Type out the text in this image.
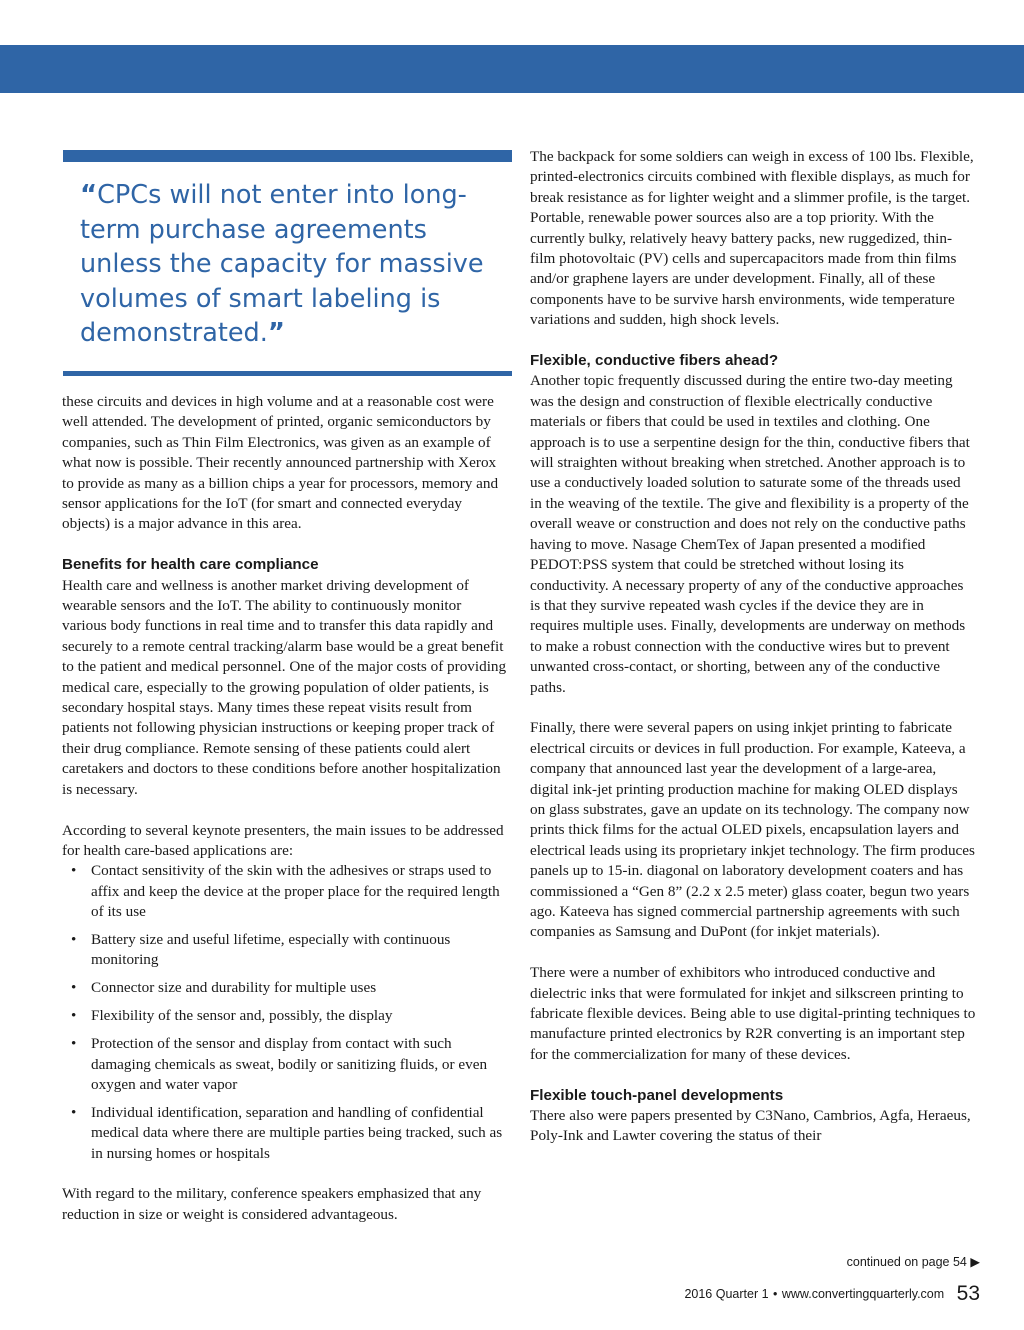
“CPCs will not enter into long-term purchase agreements unless the capacity for massive volumes of smart labeling is demonstrated.”

these circuits and devices in high volume and at a reasonable cost were well attended. The development of printed, organic semiconductors by companies, such as Thin Film Electronics, was given as an example of what now is possible. Their recently announced partnership with Xerox to provide as many as a billion chips a year for processors, memory and sensor applications for the IoT (for smart and connected everyday objects) is a major advance in this area.

Benefits for health care compliance

Health care and wellness is another market driving development of wearable sensors and the IoT. The ability to continuously monitor various body functions in real time and to transfer this data rapidly and securely to a remote central tracking/alarm base would be a great benefit to the patient and medical personnel. One of the major costs of providing medical care, especially to the growing population of older patients, is secondary hospital stays. Many times these repeat visits result from patients not following physician instructions or keeping proper track of their drug compliance. Remote sensing of these patients could alert caretakers and doctors to these conditions before another hospitalization is necessary.

According to several keynote presenters, the main issues to be addressed for health care-based applications are:

• Contact sensitivity of the skin with the adhesives or straps used to affix and keep the device at the proper place for the required length of its use
• Battery size and useful lifetime, especially with continuous monitoring
• Connector size and durability for multiple uses
• Flexibility of the sensor and, possibly, the display
• Protection of the sensor and display from contact with such damaging chemicals as sweat, bodily or sanitizing fluids, or even oxygen and water vapor
• Individual identification, separation and handling of confidential medical data where there are multiple parties being tracked, such as in nursing homes or hospitals

With regard to the military, conference speakers emphasized that any reduction in size or weight is considered advantageous.

The backpack for some soldiers can weigh in excess of 100 lbs. Flexible, printed-electronics circuits combined with flexible displays, as much for break resistance as for lighter weight and a slimmer profile, is the target. Portable, renewable power sources also are a top priority. With the currently bulky, relatively heavy battery packs, new ruggedized, thin-film photovoltaic (PV) cells and supercapacitors made from thin films and/or graphene layers are under development. Finally, all of these components have to be survive harsh environments, wide temperature variations and sudden, high shock levels.

Flexible, conductive fibers ahead?

Another topic frequently discussed during the entire two-day meeting was the design and construction of flexible electrically conductive materials or fibers that could be used in textiles and clothing. One approach is to use a serpentine design for the thin, conductive fibers that will straighten without breaking when stretched. Another approach is to use a conductively loaded solution to saturate some of the threads used in the weaving of the textile. The give and flexibility is a property of the overall weave or construction and does not rely on the conductive paths having to move. Nasage ChemTex of Japan presented a modified PEDOT:PSS system that could be stretched without losing its conductivity. A necessary property of any of the conductive approaches is that they survive repeated wash cycles if the device they are in requires multiple uses. Finally, developments are underway on methods to make a robust connection with the conductive wires but to prevent unwanted cross-contact, or shorting, between any of the conductive paths.

Finally, there were several papers on using inkjet printing to fabricate electrical circuits or devices in full production. For example, Kateeva, a company that announced last year the development of a large-area, digital ink-jet printing production machine for making OLED displays on glass substrates, gave an update on its technology. The company now prints thick films for the actual OLED pixels, encapsulation layers and electrical leads using its proprietary inkjet technology. The firm produces panels up to 15-in. diagonal on laboratory development coaters and has commissioned a “Gen 8” (2.2 x 2.5 meter) glass coater, begun two years ago. Kateeva has signed commercial partnership agreements with such companies as Samsung and DuPont (for inkjet materials).

There were a number of exhibitors who introduced conductive and dielectric inks that were formulated for inkjet and silkscreen printing to fabricate flexible devices. Being able to use digital-printing techniques to manufacture printed electronics by R2R converting is an important step for the commercialization for many of these devices.

Flexible touch-panel developments

There also were papers presented by C3Nano, Cambrios, Agfa, Heraeus, Poly-Ink and Lawter covering the status of their

continued on page 54 ▶
2016 Quarter 1 • www.convertingquarterly.com 53
